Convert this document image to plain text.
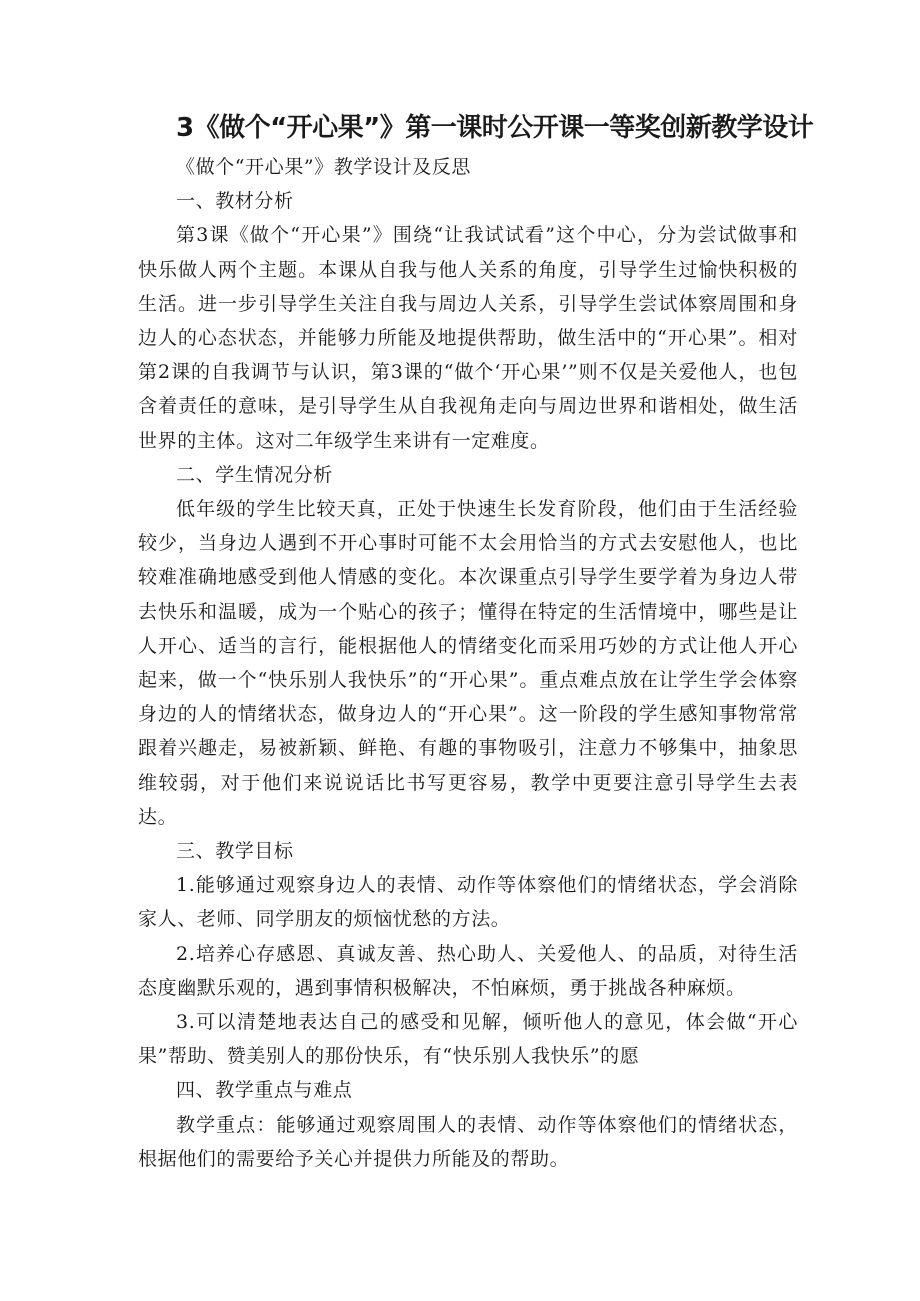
3《做个“开心果”》第一课时公开课一等奖创新教学设计

《做个“开心果”》教学设计及反思

一、教材分析

第3课《做个“开心果”》围绕“让我试试看”这个中心，分为尝试做事和快乐做人两个主题。本课从自我与他人关系的角度，引导学生过愉快积极的生活。进一步引导学生关注自我与周边人关系，引导学生尝试体察周围和身边人的心态状态，并能够力所能及地提供帮助，做生活中的“开心果”。相对第2课的自我调节与认识，第3课的“做个‘开心果’”则不仅是关爱他人，也包含着责任的意味，是引导学生从自我视角走向与周边世界和谐相处，做生活世界的主体。这对二年级学生来讲有一定难度。

二、学生情况分析

低年级的学生比较天真，正处于快速生长发育阶段，他们由于生活经验较少，当身边人遇到不开心事时可能不太会用恰当的方式去安慰他人，也比较难准确地感受到他人情感的变化。本次课重点引导学生要学着为身边人带去快乐和温暖，成为一个贴心的孩子；懂得在特定的生活情境中，哪些是让人开心、适当的言行，能根据他人的情绪变化而采用巧妙的方式让他人开心起来，做一个“快乐别人我快乐”的“开心果”。重点难点放在让学生学会体察身边的人的情绪状态，做身边人的“开心果”。这一阶段的学生感知事物常常跟着兴趣走，易被新颖、鲜艳、有趣的事物吸引，注意力不够集中，抽象思维较弱，对于他们来说说话比书写更容易，教学中更要注意引导学生去表达。

三、教学目标

1.能够通过观察身边人的表情、动作等体察他们的情绪状态，学会消除家人、老师、同学朋友的烦恼忧愁的方法。

2.培养心存感恩、真诚友善、热心助人、关爱他人、的品质，对待生活态度幽默乐观的，遇到事情积极解决，不怕麻烦，勇于挑战各种麻烦。

3.可以清楚地表达自己的感受和见解，倾听他人的意见，体会做“开心果”帮助、赞美别人的那份快乐，有“快乐别人我快乐”的愿

四、教学重点与难点

教学重点：能够通过观察周围人的表情、动作等体察他们的情绪状态，根据他们的需要给予关心并提供力所能及的帮助。
